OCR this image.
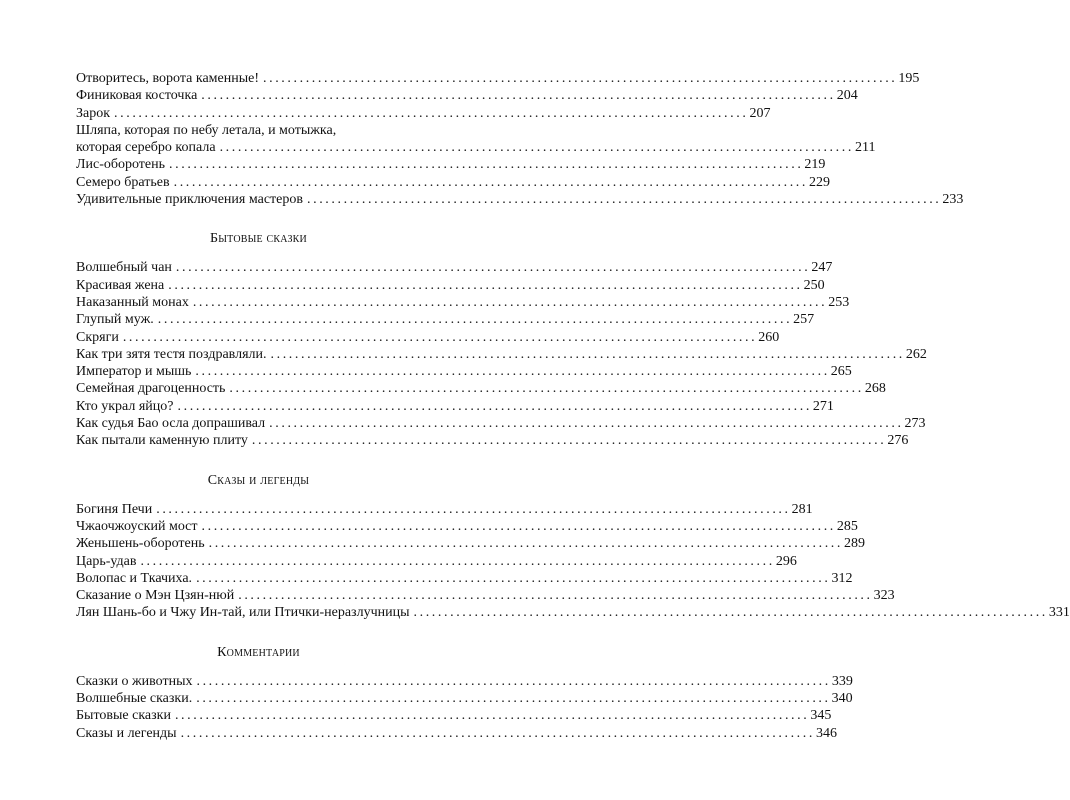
Отворитесь, ворота каменные! ........................................................................................................ 195
Финиковая косточка ........................................................................................................ 204
Зарок ........................................................................................................ 207
Шляпа, которая по небу летала, и мотыжка,
которая серебро копала ........................................................................................................ 211
Лис-оборотень ........................................................................................................ 219
Семеро братьев ........................................................................................................ 229
Удивительные приключения мастеров ........................................................................................................ 233
Бытовые сказки
Волшебный чан ........................................................................................................ 247
Красивая жена ........................................................................................................ 250
Наказанный монах ........................................................................................................ 253
Глупый муж. ........................................................................................................ 257
Скряги ........................................................................................................ 260
Как три зятя тестя поздравляли. ........................................................................................................ 262
Император и мышь ........................................................................................................ 265
Семейная драгоценность ........................................................................................................ 268
Кто украл яйцо? ........................................................................................................ 271
Как судья Бао осла допрашивал ........................................................................................................ 273
Как пытали каменную плиту ........................................................................................................ 276
Сказы и легенды
Богиня Печи ........................................................................................................ 281
Чжаочжоуский мост ........................................................................................................ 285
Женьшень-оборотень ........................................................................................................ 289
Царь-удав ........................................................................................................ 296
Волопас и Ткачиха. ........................................................................................................ 312
Сказание о Мэн Цзян-нюй ........................................................................................................ 323
Лян Шань-бо и Чжу Ин-тай, или Птички-неразлучницы ........................................................................................................ 331
Комментарии
Сказки о животных ........................................................................................................ 339
Волшебные сказки. ........................................................................................................ 340
Бытовые сказки ........................................................................................................ 345
Сказы и легенды ........................................................................................................ 346
